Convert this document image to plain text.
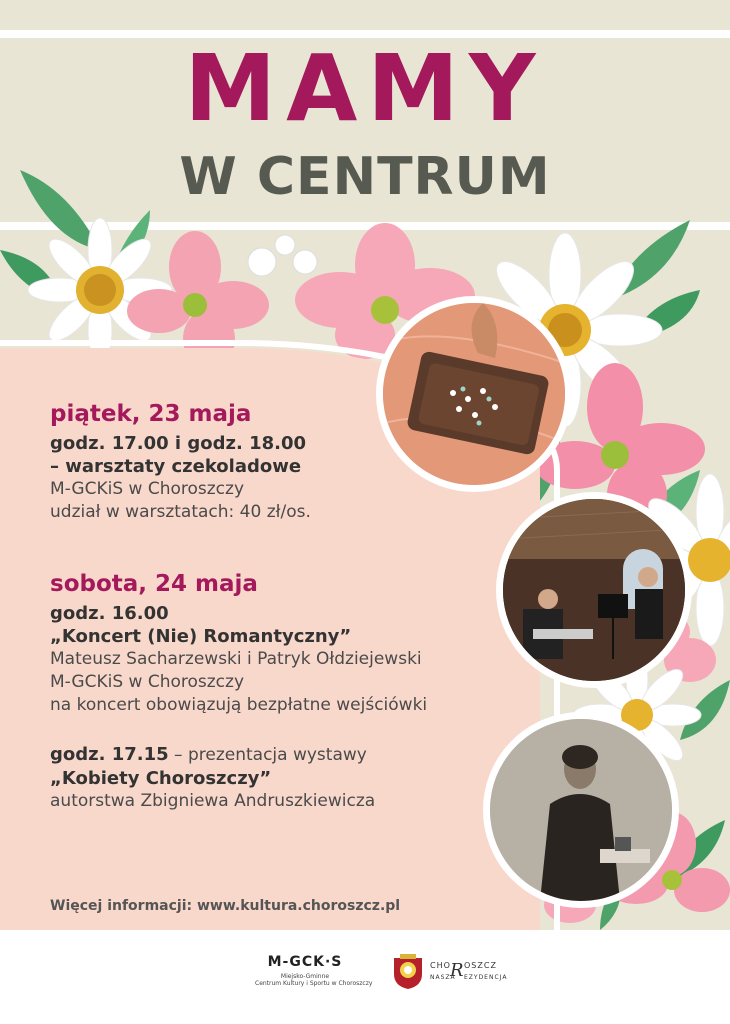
MAMY
W CENTRUM

piątek, 23 maja

godz. 17.00 i godz. 18.00

– warsztaty czekoladowe

M-GCKiS w Choroszczy

udział w warsztatach: 40 zł/os.

sobota, 24 maja

godz. 16.00

„Koncert (Nie) Romantyczny”

Mateusz Sacharzewski i Patryk Ołdziejewski

M-GCKiS w Choroszczy

na koncert obowiązują bezpłatne wejściówki

godz. 17.15 – prezentacja wystawy

„Kobiety Choroszczy”

autorstwa Zbigniewa Andruszkiewicza

Więcej informacji: www.kultura.choroszcz.pl
M-GCK·S
Miejsko-Gminne
Centrum Kultury i Sportu w Choroszczy
CHO R OSZCZ
NASZA EZYDENCJA
